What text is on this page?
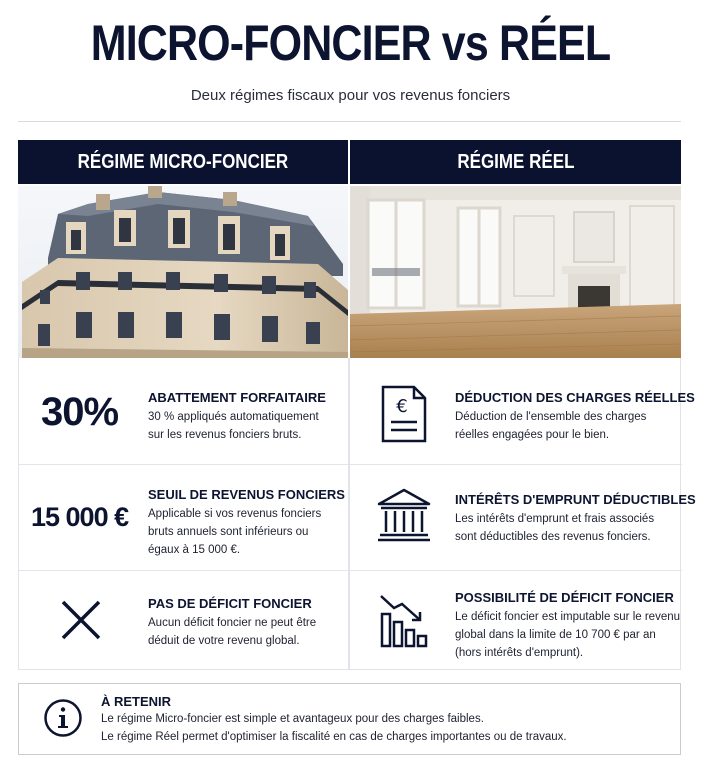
MICRO-FONCIER vs RÉEL
Deux régimes fiscaux pour vos revenus fonciers
RÉGIME MICRO-FONCIER	RÉGIME RÉEL
30% ABATTEMENT FORFAITAIRE
30 % appliqués automatiquement
sur les revenus fonciers bruts.
15 000 €
SEUIL DE REVENUS FONCIERS
Applicable si vos revenus fonciers
bruts annuels sont inférieurs ou
égaux à 15 000 €.
PAS DE DÉFICIT FONCIER
Aucun déficit foncier ne peut être
déduit de votre revenu global.
€	DÉDUCTION DES CHARGES RÉELLES
Déduction de l'ensemble des charges
réelles engagées pour le bien.
INTÉRÊTS D'EMPRUNT DÉDUCTIBLES
Les intérêts d'emprunt et frais associés
sont déductibles des revenus fonciers.
POSSIBILITÉ DE DÉFICIT FONCIER
Le déficit foncier est imputable sur le revenu
global dans la limite de 10 700 € par an
(hors intérêts d'emprunt).
À RETENIR
Le régime Micro-foncier est simple et avantageux pour des charges faibles.
Le régime Réel permet d'optimiser la fiscalité en cas de charges importantes ou de travaux.
